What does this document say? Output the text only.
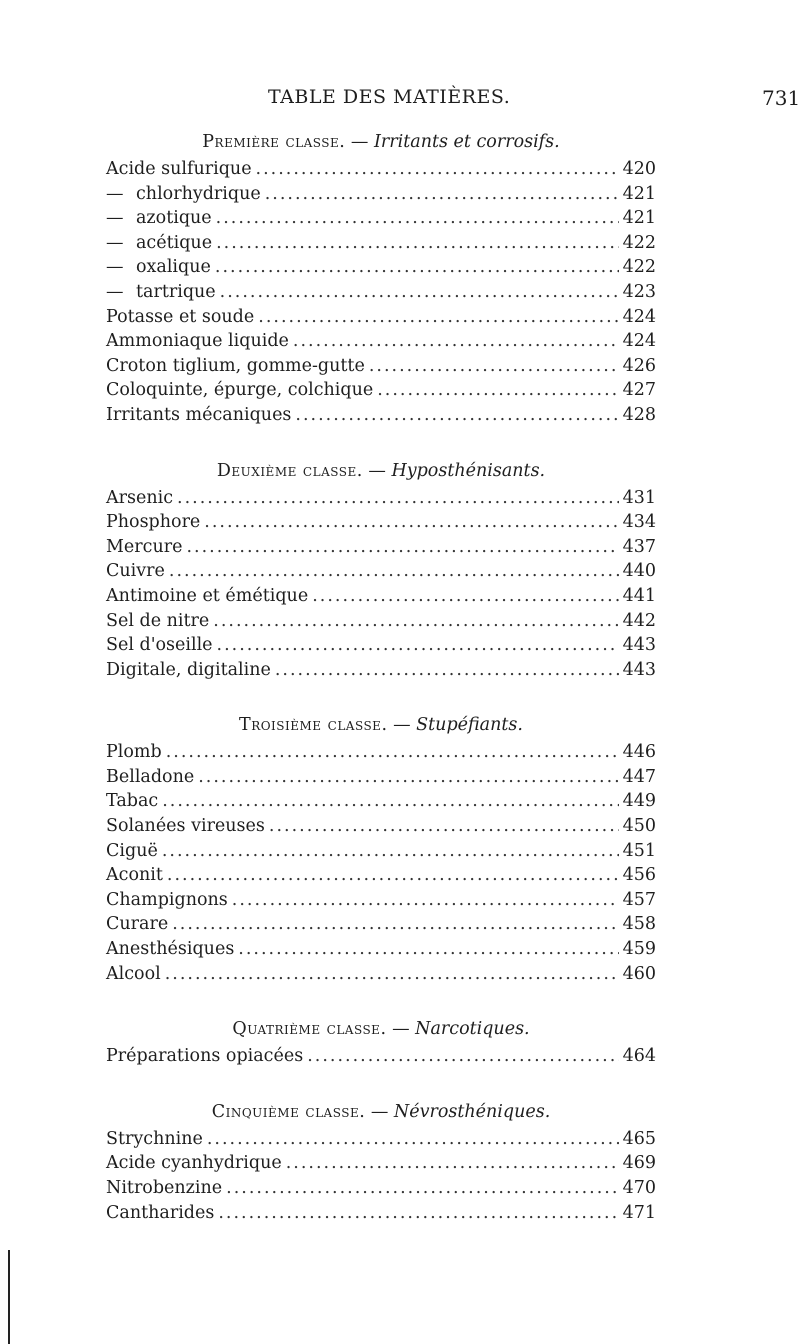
TABLE DES MATIÈRES.	731
Première classe. — Irritants et corrosifs.
Acide sulfurique .....	420
— chlorhydrique .....	421
— azotique .....	421
— acétique .....	422
— oxalique .....	422
— tartrique .....	423
Potasse et soude .....	424
Ammoniaque liquide .....	424
Croton tiglium, gomme-gutte .....	426
Coloquinte, épurge, colchique .....	427
Irritants mécaniques .....	428
Deuxième classe. — Hyposthénisants.
Arsenic .....	431
Phosphore .....	434
Mercure .....	437
Cuivre .....	440
Antimoine et émétique .....	441
Sel de nitre .....	442
Sel d'oseille .....	443
Digitale, digitaline .....	443
Troisième classe. — Stupéfiants.
Plomb .....	446
Belladone .....	447
Tabac .....	449
Solanées vireuses .....	450
Ciguë .....	451
Aconit .....	456
Champignons .....	457
Curare .....	458
Anesthésiques .....	459
Alcool .....	460
Quatrième classe. — Narcotiques.
Préparations opiacées .....	464
Cinquième classe. — Névrosthéniques.
Strychnine .....	465
Acide cyanhydrique .....	469
Nitrobenzine .....	470
Cantharides .....	471
